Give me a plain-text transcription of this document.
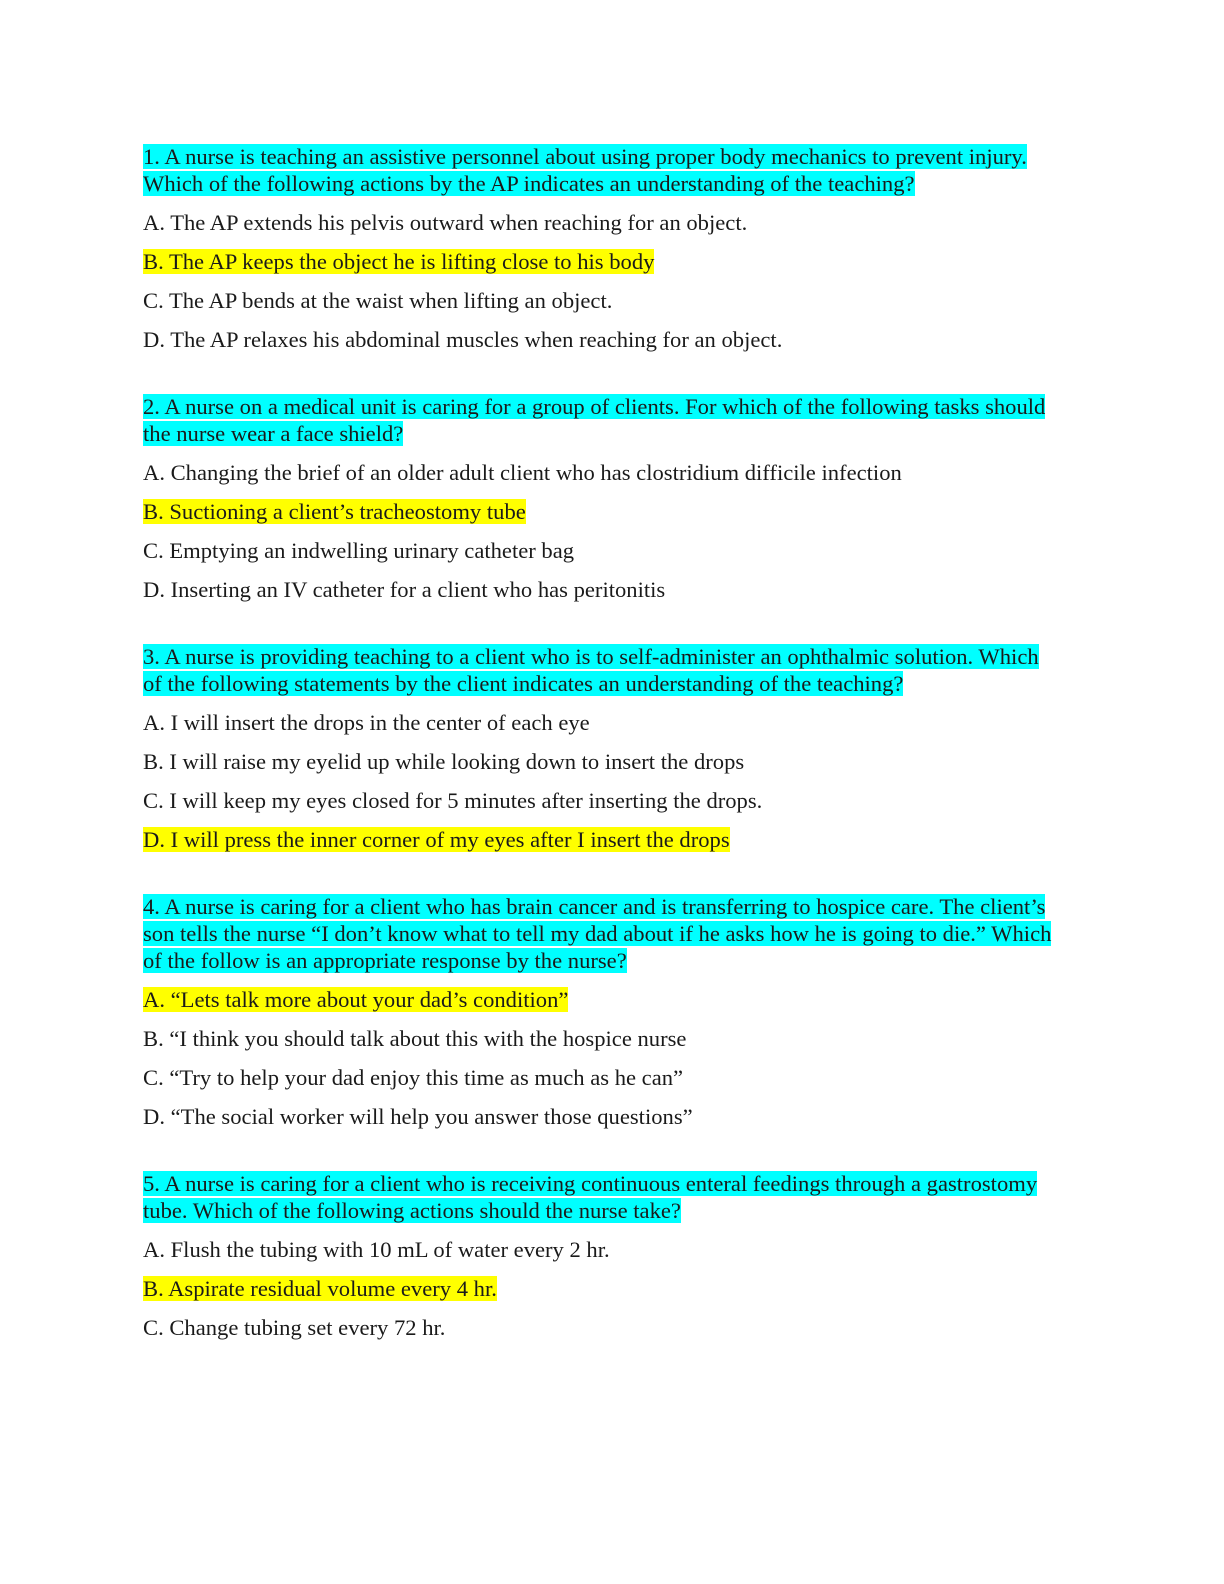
1. A nurse is teaching an assistive personnel about using proper body mechanics to prevent injury. Which of the following actions by the AP indicates an understanding of the teaching?

A. The AP extends his pelvis outward when reaching for an object.

B. The AP keeps the object he is lifting close to his body

C. The AP bends at the waist when lifting an object.

D. The AP relaxes his abdominal muscles when reaching for an object.

2. A nurse on a medical unit is caring for a group of clients. For which of the following tasks should the nurse wear a face shield?

A. Changing the brief of an older adult client who has clostridium difficile infection

B. Suctioning a client’s tracheostomy tube

C. Emptying an indwelling urinary catheter bag

D. Inserting an IV catheter for a client who has peritonitis

3. A nurse is providing teaching to a client who is to self-administer an ophthalmic solution. Which of the following statements by the client indicates an understanding of the teaching?

A. I will insert the drops in the center of each eye

B. I will raise my eyelid up while looking down to insert the drops

C. I will keep my eyes closed for 5 minutes after inserting the drops.

D. I will press the inner corner of my eyes after I insert the drops

4. A nurse is caring for a client who has brain cancer and is transferring to hospice care. The client’s son tells the nurse “I don’t know what to tell my dad about if he asks how he is going to die.” Which of the follow is an appropriate response by the nurse?

A. “Lets talk more about your dad’s condition”

B. “I think you should talk about this with the hospice nurse

C. “Try to help your dad enjoy this time as much as he can”

D. “The social worker will help you answer those questions”

5. A nurse is caring for a client who is receiving continuous enteral feedings through a gastrostomy tube. Which of the following actions should the nurse take?

A. Flush the tubing with 10 mL of water every 2 hr.

B. Aspirate residual volume every 4 hr.

C. Change tubing set every 72 hr.
